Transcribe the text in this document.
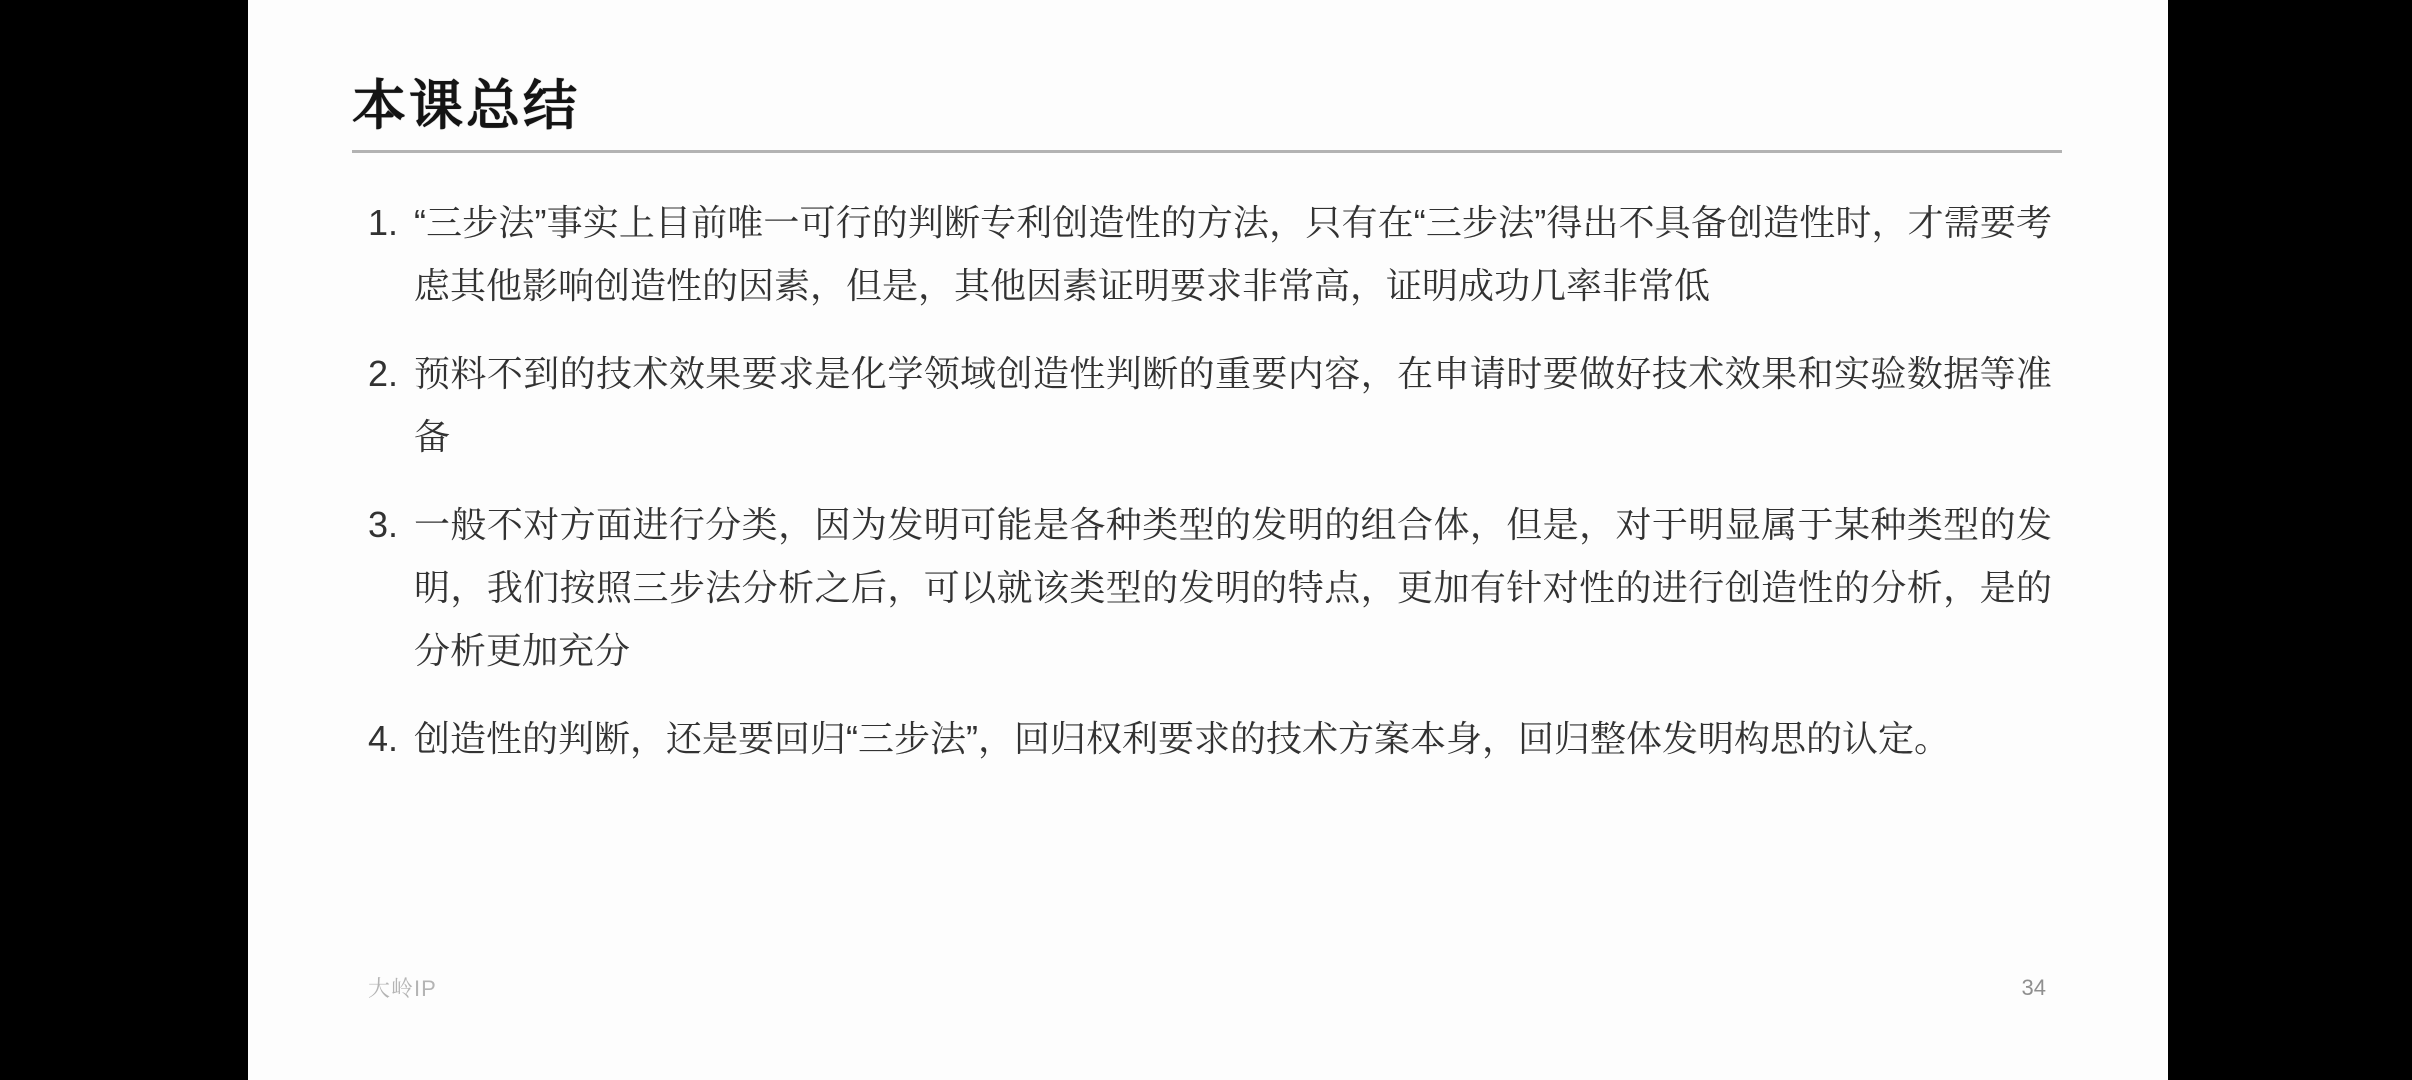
本课总结
1. “三步法”事实上目前唯一可行的判断专利创造性的方法，只有在“三步法”得出不具备创造性时，才需要考虑其他影响创造性的因素，但是，其他因素证明要求非常高，证明成功几率非常低
2. 预料不到的技术效果要求是化学领域创造性判断的重要内容，在申请时要做好技术效果和实验数据等准备
3. 一般不对方面进行分类，因为发明可能是各种类型的发明的组合体，但是，对于明显属于某种类型的发明，我们按照三步法分析之后，可以就该类型的发明的特点，更加有针对性的进行创造性的分析，是的分析更加充分
4. 创造性的判断，还是要回归“三步法”，回归权利要求的技术方案本身，回归整体发明构思的认定。
大岭IP	34
